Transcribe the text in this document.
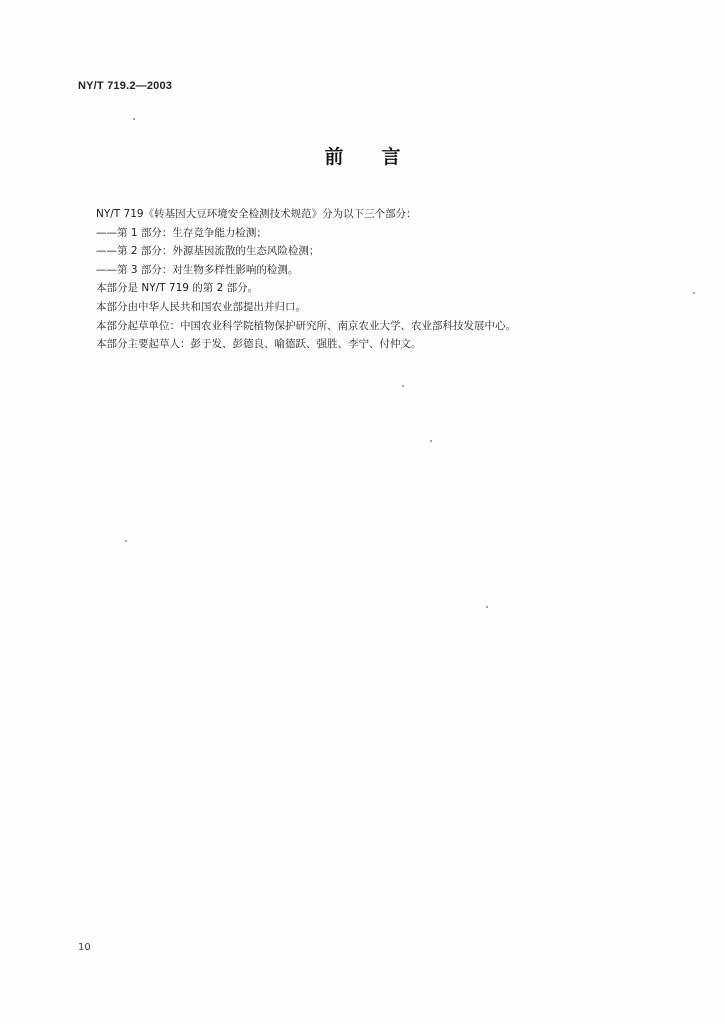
NY/T 719.2—2003
前 言
NY/T 719《转基因大豆环境安全检测技术规范》分为以下三个部分：
——第 1 部分：生存竞争能力检测；
——第 2 部分：外源基因流散的生态风险检测；
——第 3 部分：对生物多样性影响的检测。
本部分是 NY/T 719 的第 2 部分。
本部分由中华人民共和国农业部提出并归口。
本部分起草单位：中国农业科学院植物保护研究所、南京农业大学、农业部科技发展中心。
本部分主要起草人：彭于发、彭德良、喻德跃、强胜、李宁、付仲文。
10
